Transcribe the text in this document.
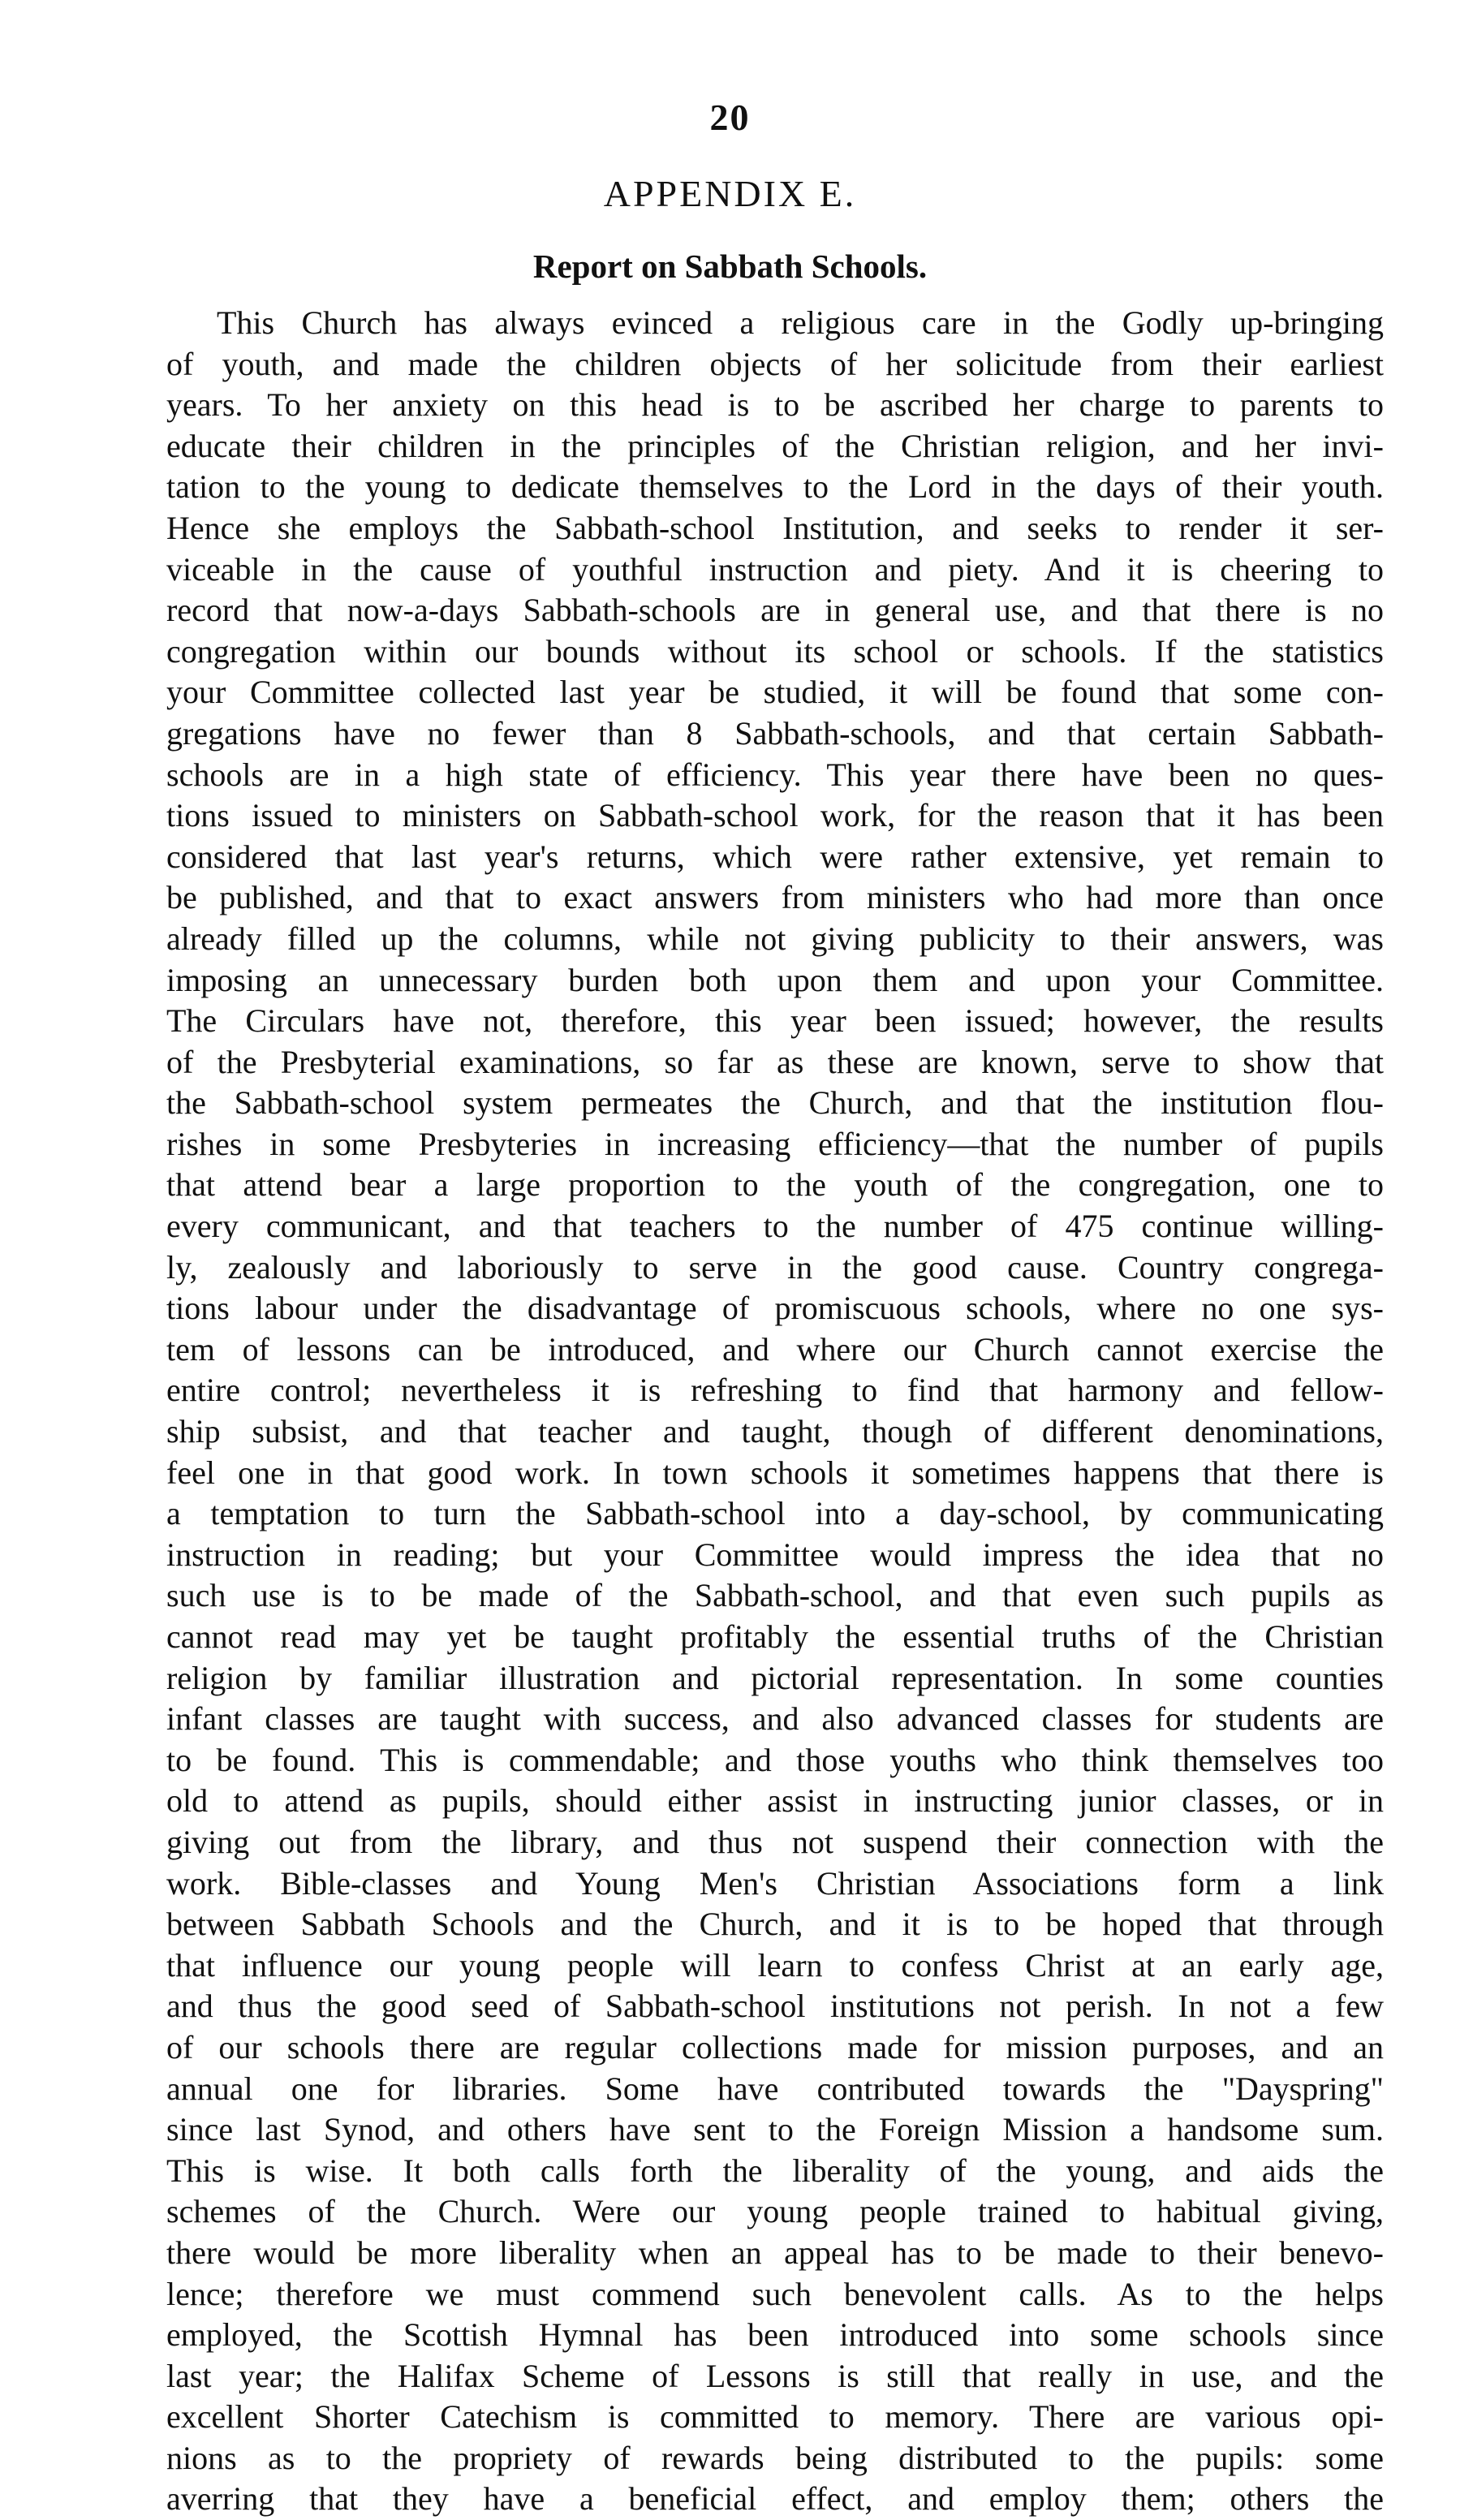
20
APPENDIX E.
Report on Sabbath Schools.
This Church has always evinced a religious care in the Godly up-bringing
of youth, and made the children objects of her solicitude from their earliest
years. To her anxiety on this head is to be ascribed her charge to parents to
educate their children in the principles of the Christian religion, and her invi-
tation to the young to dedicate themselves to the Lord in the days of their youth.
Hence she employs the Sabbath-school Institution, and seeks to render it ser-
viceable in the cause of youthful instruction and piety. And it is cheering to
record that now-a-days Sabbath-schools are in general use, and that there is no
congregation within our bounds without its school or schools. If the statistics
your Committee collected last year be studied, it will be found that some con-
gregations have no fewer than 8 Sabbath-schools, and that certain Sabbath-
schools are in a high state of efficiency. This year there have been no ques-
tions issued to ministers on Sabbath-school work, for the reason that it has been
considered that last year's returns, which were rather extensive, yet remain to
be published, and that to exact answers from ministers who had more than once
already filled up the columns, while not giving publicity to their answers, was
imposing an unnecessary burden both upon them and upon your Committee.
The Circulars have not, therefore, this year been issued; however, the results
of the Presbyterial examinations, so far as these are known, serve to show that
the Sabbath-school system permeates the Church, and that the institution flou-
rishes in some Presbyteries in increasing efficiency—that the number of pupils
that attend bear a large proportion to the youth of the congregation, one to
every communicant, and that teachers to the number of 475 continue willing-
ly, zealously and laboriously to serve in the good cause. Country congrega-
tions labour under the disadvantage of promiscuous schools, where no one sys-
tem of lessons can be introduced, and where our Church cannot exercise the
entire control; nevertheless it is refreshing to find that harmony and fellow-
ship subsist, and that teacher and taught, though of different denominations,
feel one in that good work. In town schools it sometimes happens that there is
a temptation to turn the Sabbath-school into a day-school, by communicating
instruction in reading; but your Committee would impress the idea that no
such use is to be made of the Sabbath-school, and that even such pupils as
cannot read may yet be taught profitably the essential truths of the Christian
religion by familiar illustration and pictorial representation. In some counties
infant classes are taught with success, and also advanced classes for students are
to be found. This is commendable; and those youths who think themselves too
old to attend as pupils, should either assist in instructing junior classes, or in
giving out from the library, and thus not suspend their connection with the
work. Bible-classes and Young Men's Christian Associations form a link
between Sabbath Schools and the Church, and it is to be hoped that through
that influence our young people will learn to confess Christ at an early age,
and thus the good seed of Sabbath-school institutions not perish. In not a few
of our schools there are regular collections made for mission purposes, and an
annual one for libraries. Some have contributed towards the "Dayspring"
since last Synod, and others have sent to the Foreign Mission a handsome sum.
This is wise. It both calls forth the liberality of the young, and aids the
schemes of the Church. Were our young people trained to habitual giving,
there would be more liberality when an appeal has to be made to their benevo-
lence; therefore we must commend such benevolent calls. As to the helps
employed, the Scottish Hymnal has been introduced into some schools since
last year; the Halifax Scheme of Lessons is still that really in use, and the
excellent Shorter Catechism is committed to memory. There are various opi-
nions as to the propriety of rewards being distributed to the pupils: some
averring that they have a beneficial effect, and employ them; others the
